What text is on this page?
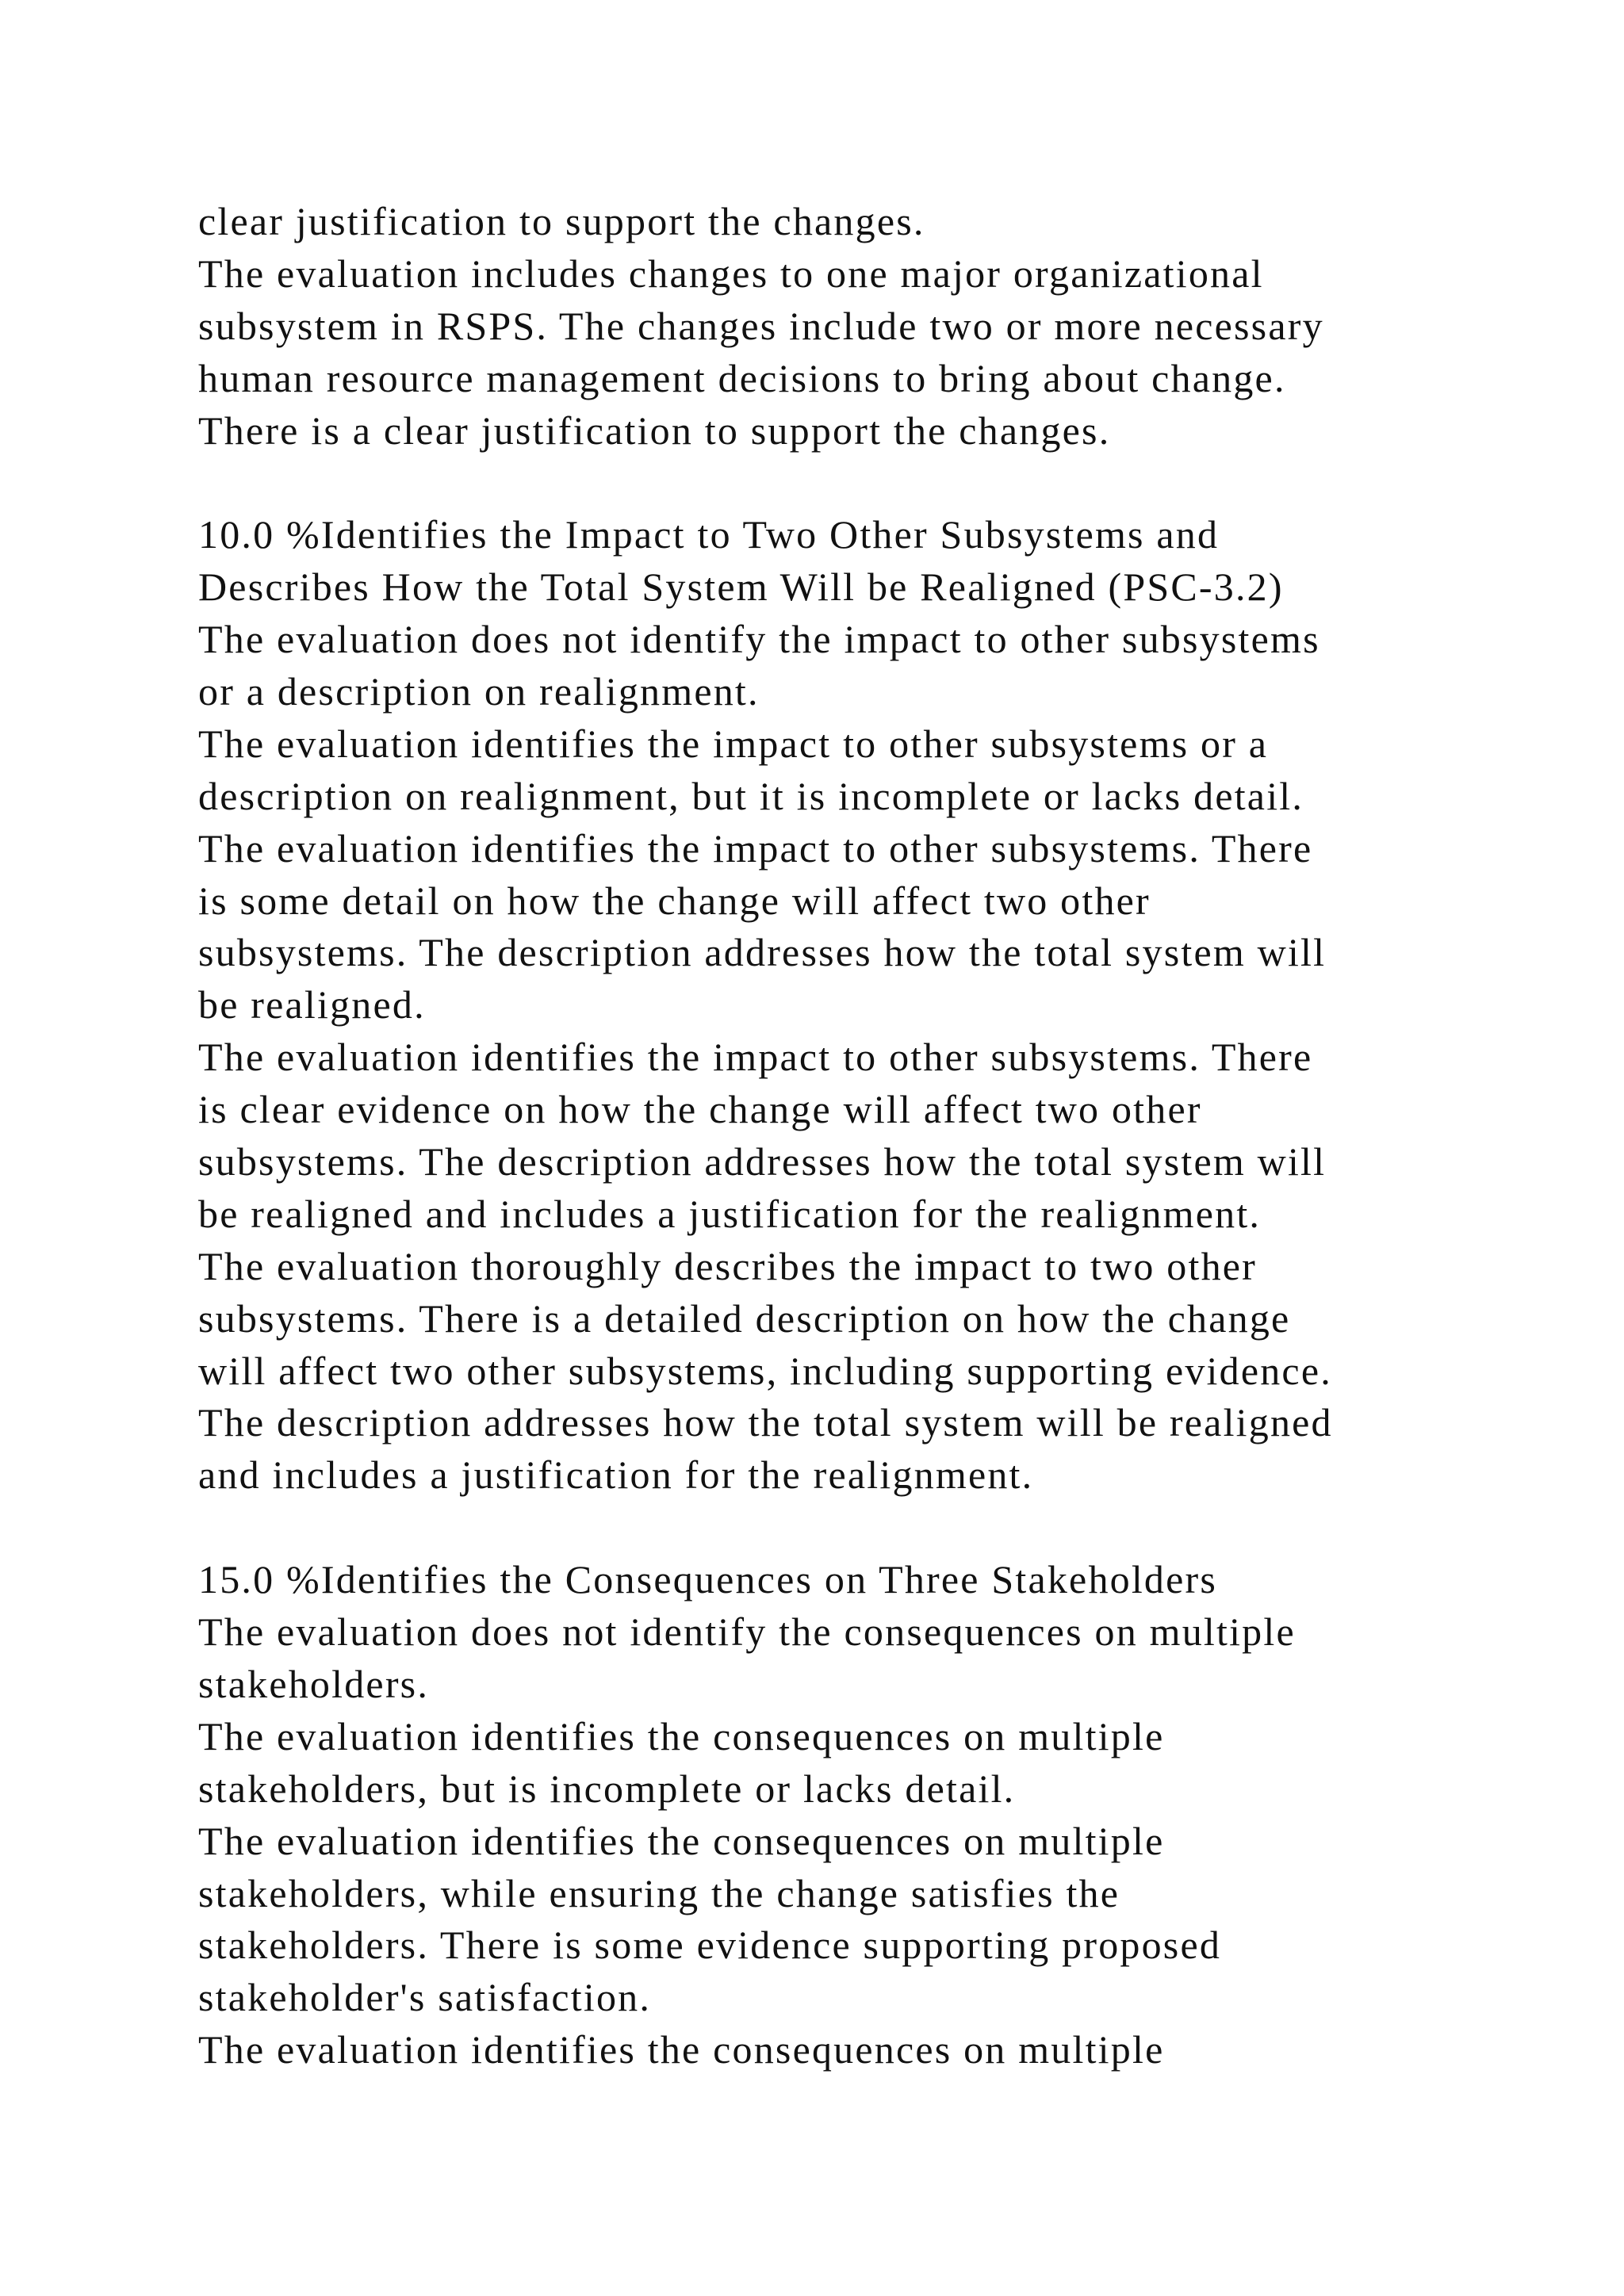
clear justification to support the changes.
The evaluation includes changes to one major organizational
subsystem in RSPS. The changes include two or more necessary
human resource management decisions to bring about change.
There is a clear justification to support the changes.
10.0 %Identifies the Impact to Two Other Subsystems and
Describes How the Total System Will be Realigned (PSC-3.2)
The evaluation does not identify the impact to other subsystems
or a description on realignment.
The evaluation identifies the impact to other subsystems or a
description on realignment, but it is incomplete or lacks detail.
The evaluation identifies the impact to other subsystems. There
is some detail on how the change will affect two other
subsystems. The description addresses how the total system will
be realigned.
The evaluation identifies the impact to other subsystems. There
is clear evidence on how the change will affect two other
subsystems. The description addresses how the total system will
be realigned and includes a justification for the realignment.
The evaluation thoroughly describes the impact to two other
subsystems. There is a detailed description on how the change
will affect two other subsystems, including supporting evidence.
The description addresses how the total system will be realigned
and includes a justification for the realignment.
15.0 %Identifies the Consequences on Three Stakeholders
The evaluation does not identify the consequences on multiple
stakeholders.
The evaluation identifies the consequences on multiple
stakeholders, but is incomplete or lacks detail.
The evaluation identifies the consequences on multiple
stakeholders, while ensuring the change satisfies the
stakeholders. There is some evidence supporting proposed
stakeholder's satisfaction.
The evaluation identifies the consequences on multiple
